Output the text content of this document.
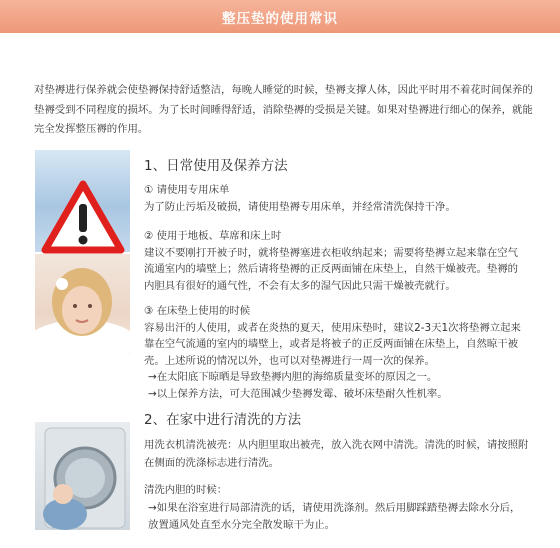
整压垫的使用常识
对垫褥进行保养就会使垫褥保持舒适整洁，每晚人睡觉的时候，垫褥支撑人体，因此平时用不着花时间保养的
垫褥受到不同程度的损坏。为了长时间睡得舒适，消除垫褥的受损是关键。如果对垫褥进行细心的保养，就能
完全发挥整压褥的作用。
1、日常使用及保养方法
① 请使用专用床单
为了防止污垢及破损，请使用垫褥专用床单，并经常清洗保持干净。
② 使用于地板、草席和床上时
建议不要刚打开被子时，就将垫褥塞进衣柜收纳起来；需要将垫褥立起来靠在空气
流通室内的墙壁上；然后请将垫褥的正反两面铺在床垫上，自然干燥被壳。垫褥的
内胆具有很好的通气性，不会有太多的湿气因此只需干燥被壳就行。
③ 在床垫上使用的时候
容易出汗的人使用，或者在炎热的夏天，使用床垫时，建议2-3天1次将垫褥立起来
靠在空气流通的室内的墙壁上，或者是将被子的正反两面铺在床垫上，自然晾干被
壳。上述所说的情况以外，也可以对垫褥进行一周一次的保养。
→在太阳底下晾晒是导致垫褥内胆的海绵质量变坏的原因之一。
→以上保养方法，可大范围减少垫褥发霉、破坏床垫耐久性机率。
2、在家中进行清洗的方法
用洗衣机清洗被壳：从内胆里取出被壳，放入洗衣网中清洗。清洗的时候，请按照附
在侧面的洗涤标志进行清洗。
清洗内胆的时候：
→如果在浴室进行局部清洗的话，请使用洗涤剂。然后用脚踩踏垫褥去除水分后，
放置通风处直至水分完全散发晾干为止。
